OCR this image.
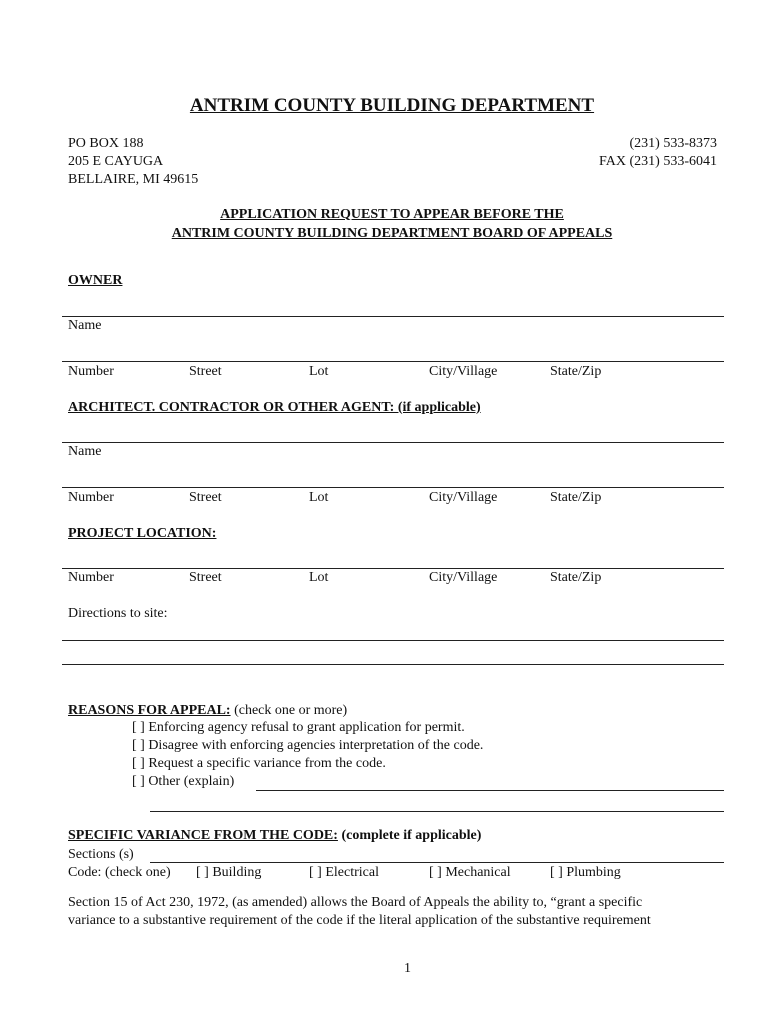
ANTRIM COUNTY BUILDING DEPARTMENT
PO BOX 188
205 E CAYUGA
BELLAIRE, MI 49615
(231) 533-8373
FAX (231) 533-6041
APPLICATION REQUEST TO APPEAR BEFORE THE
ANTRIM COUNTY BUILDING DEPARTMENT BOARD OF APPEALS
OWNER
Name
Number	Street	Lot	City/Village	State/Zip
ARCHITECT. CONTRACTOR OR OTHER AGENT: (if applicable)
Name
Number	Street	Lot	City/Village	State/Zip
PROJECT LOCATION:
Number	Street	Lot	City/Village	State/Zip
Directions to site:
REASONS FOR APPEAL: (check one or more)
[ ] Enforcing agency refusal to grant application for permit.
[ ] Disagree with enforcing agencies interpretation of the code.
[ ] Request a specific variance from the code.
[ ] Other (explain)
SPECIFIC VARIANCE FROM THE CODE: (complete if applicable)
Sections (s)
Code: (check one) [ ] Building	[ ] Electrical	[ ] Mechanical	[ ] Plumbing
Section 15 of Act 230, 1972, (as amended) allows the Board of Appeals the ability to, “grant a specific
variance to a substantive requirement of the code if the literal application of the substantive requirement
1
